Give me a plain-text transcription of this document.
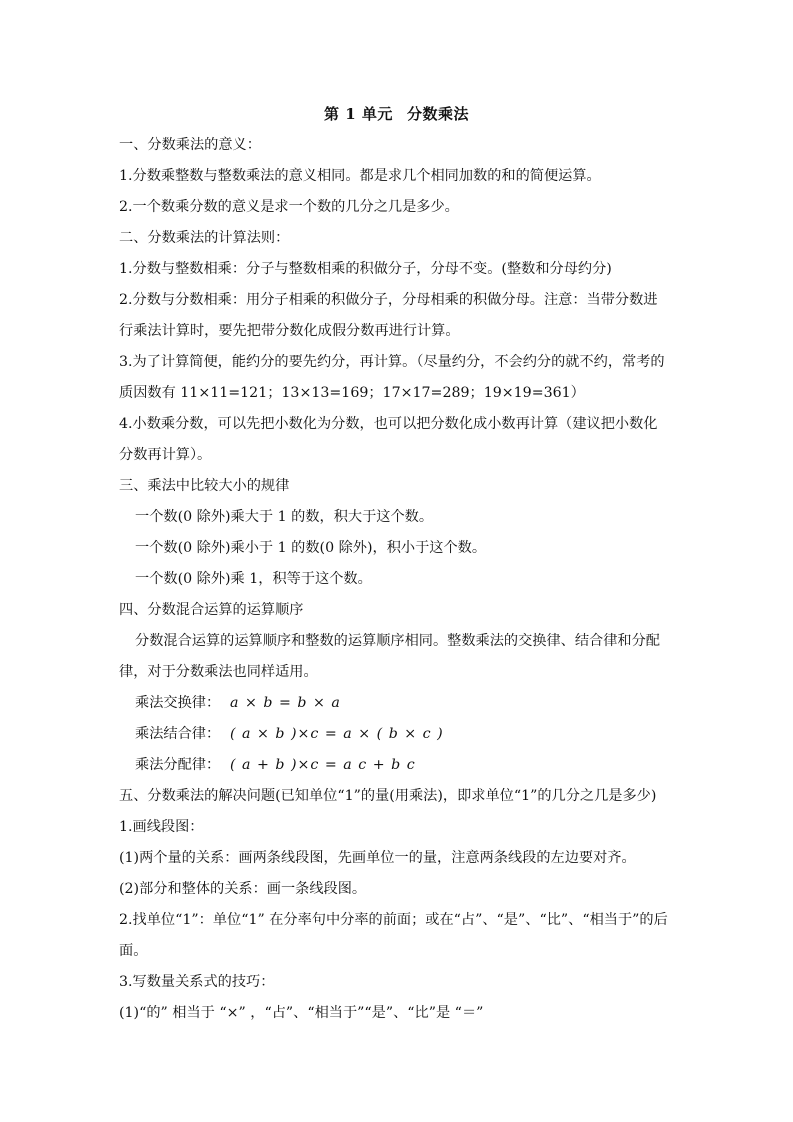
第 1 单元 分数乘法
一、分数乘法的意义：
1.分数乘整数与整数乘法的意义相同。都是求几个相同加数的和的简便运算。
2.一个数乘分数的意义是求一个数的几分之几是多少。
二、分数乘法的计算法则：
1.分数与整数相乘：分子与整数相乘的积做分子，分母不变。(整数和分母约分)
2.分数与分数相乘：用分子相乘的积做分子，分母相乘的积做分母。注意：当带分数进
行乘法计算时，要先把带分数化成假分数再进行计算。
3.为了计算简便，能约分的要先约分，再计算。（尽量约分，不会约分的就不约，常考的
质因数有 11×11=121；13×13=169；17×17=289；19×19=361）
4.小数乘分数，可以先把小数化为分数，也可以把分数化成小数再计算（建议把小数化
分数再计算）。
三、乘法中比较大小的规律
一个数(0 除外)乘大于 1 的数，积大于这个数。
一个数(0 除外)乘小于 1 的数(0 除外)，积小于这个数。
一个数(0 除外)乘 1，积等于这个数。
四、分数混合运算的运算顺序
分数混合运算的运算顺序和整数的运算顺序相同。整数乘法的交换律、结合律和分配
律，对于分数乘法也同样适用。
乘法交换律： a × b = b × a
乘法结合律： ( a × b )×c = a × ( b × c )
乘法分配律： ( a + b )×c = a c + b c
五、分数乘法的解决问题(已知单位“1”的量(用乘法)，即求单位“1”的几分之几是多少)
1.画线段图：
(1)两个量的关系：画两条线段图，先画单位一的量，注意两条线段的左边要对齐。
(2)部分和整体的关系：画一条线段图。
2.找单位“1”：单位“1” 在分率句中分率的前面；或在“占”、“是”、“比”、“相当于”的后
面。
3.写数量关系式的技巧：
(1)“的” 相当于 “×” ，“占”、“相当于”“是”、“比”是 “＝”
